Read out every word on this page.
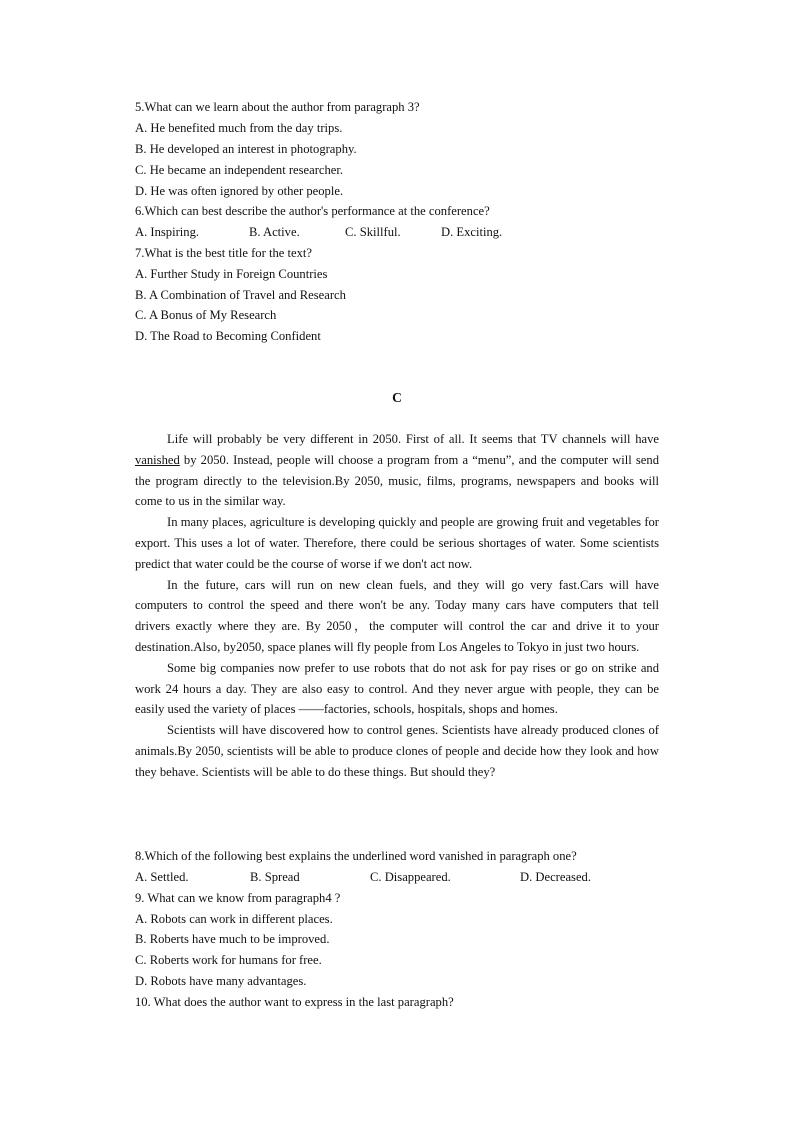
5.What can we learn about the author from paragraph 3?
A. He benefited much from the day trips.
B. He developed an interest in photography.
C. He became an independent researcher.
D. He was often ignored by other people.
6.Which can best describe the author's performance at the conference?
A. Inspiring.	B. Active.	C. Skillful.	D. Exciting.
7.What is the best title for the text?
A. Further Study in Foreign Countries
B. A Combination of Travel and Research
C. A Bonus of My Research
D. The Road to Becoming Confident
C

Life will probably be very different in 2050. First of all. It seems that TV channels will have vanished by 2050. Instead, people will choose a program from a “menu”, and the computer will send the program directly to the television.By 2050, music, films, programs, newspapers and books will come to us in the similar way.

In many places, agriculture is developing quickly and people are growing fruit and vegetables for export. This uses a lot of water. Therefore, there could be serious shortages of water. Some scientists predict that water could be the course of worse if we don't act now.

In the future, cars will run on new clean fuels, and they will go very fast.Cars will have computers to control the speed and there won't be any. Today many cars have computers that tell drivers exactly where they are. By 2050，the computer will control the car and drive it to your destination.Also, by2050, space planes will fly people from Los Angeles to Tokyo in just two hours.

Some big companies now prefer to use robots that do not ask for pay rises or go on strike and work 24 hours a day. They are also easy to control. And they never argue with people, they can be easily used the variety of places ——factories, schools, hospitals, shops and homes.

Scientists will have discovered how to control genes. Scientists have already produced clones of animals.By 2050, scientists will be able to produce clones of people and decide how they look and how they behave. Scientists will be able to do these things. But should they?

8.Which of the following best explains the underlined word vanished in paragraph one?
A. Settled.	B. Spread	C. Disappeared.	D. Decreased.
9. What can we know from paragraph4 ?
A. Robots can work in different places.
B. Roberts have much to be improved.
C. Roberts work for humans for free.
D. Robots have many advantages.
10. What does the author want to express in the last paragraph?
